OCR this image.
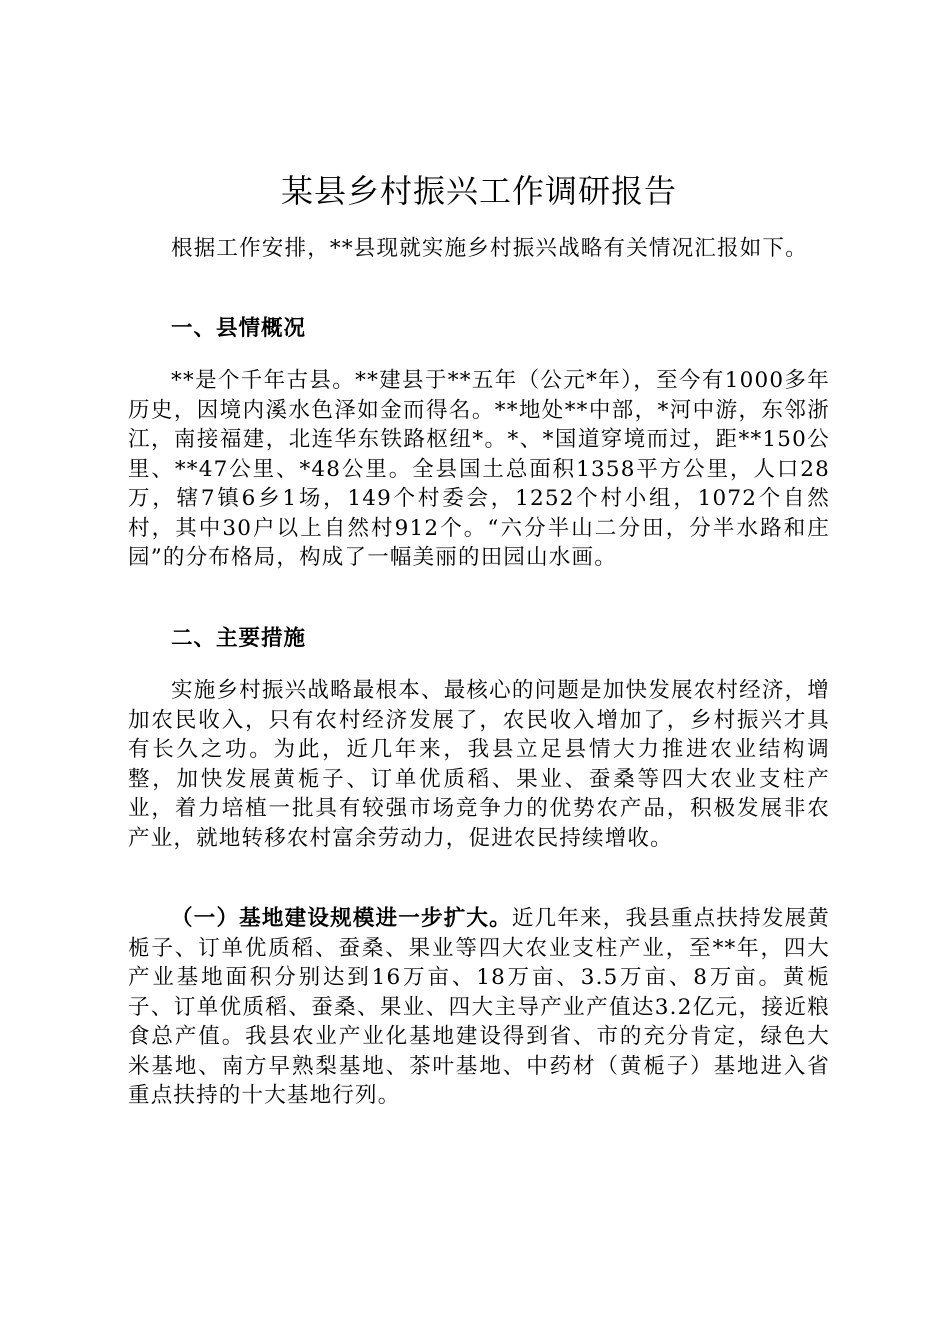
某县乡村振兴工作调研报告

根据工作安排，**县现就实施乡村振兴战略有关情况汇报如下。

一、县情概况

**是个千年古县。**建县于**五年（公元*年），至今有1000多年历史，因境内溪水色泽如金而得名。**地处**中部，*河中游，东邻浙江，南接福建，北连华东铁路枢纽*。*、*国道穿境而过，距**150公里、**47公里、*48公里。全县国土总面积1358平方公里，人口28万，辖7镇6乡1场，149个村委会，1252个村小组，1072个自然村，其中30户以上自然村912个。“六分半山二分田，分半水路和庄园”的分布格局，构成了一幅美丽的田园山水画。

二、主要措施

实施乡村振兴战略最根本、最核心的问题是加快发展农村经济，增加农民收入，只有农村经济发展了，农民收入增加了，乡村振兴才具有长久之功。为此，近几年来，我县立足县情大力推进农业结构调整，加快发展黄栀子、订单优质稻、果业、蚕桑等四大农业支柱产业，着力培植一批具有较强市场竞争力的优势农产品，积极发展非农产业，就地转移农村富余劳动力，促进农民持续增收。

（一）基地建设规模进一步扩大。近几年来，我县重点扶持发展黄栀子、订单优质稻、蚕桑、果业等四大农业支柱产业，至**年，四大产业基地面积分别达到16万亩、18万亩、3.5万亩、8万亩。黄栀子、订单优质稻、蚕桑、果业、四大主导产业产值达3.2亿元，接近粮食总产值。我县农业产业化基地建设得到省、市的充分肯定，绿色大米基地、南方早熟梨基地、茶叶基地、中药材（黄栀子）基地进入省重点扶持的十大基地行列。
